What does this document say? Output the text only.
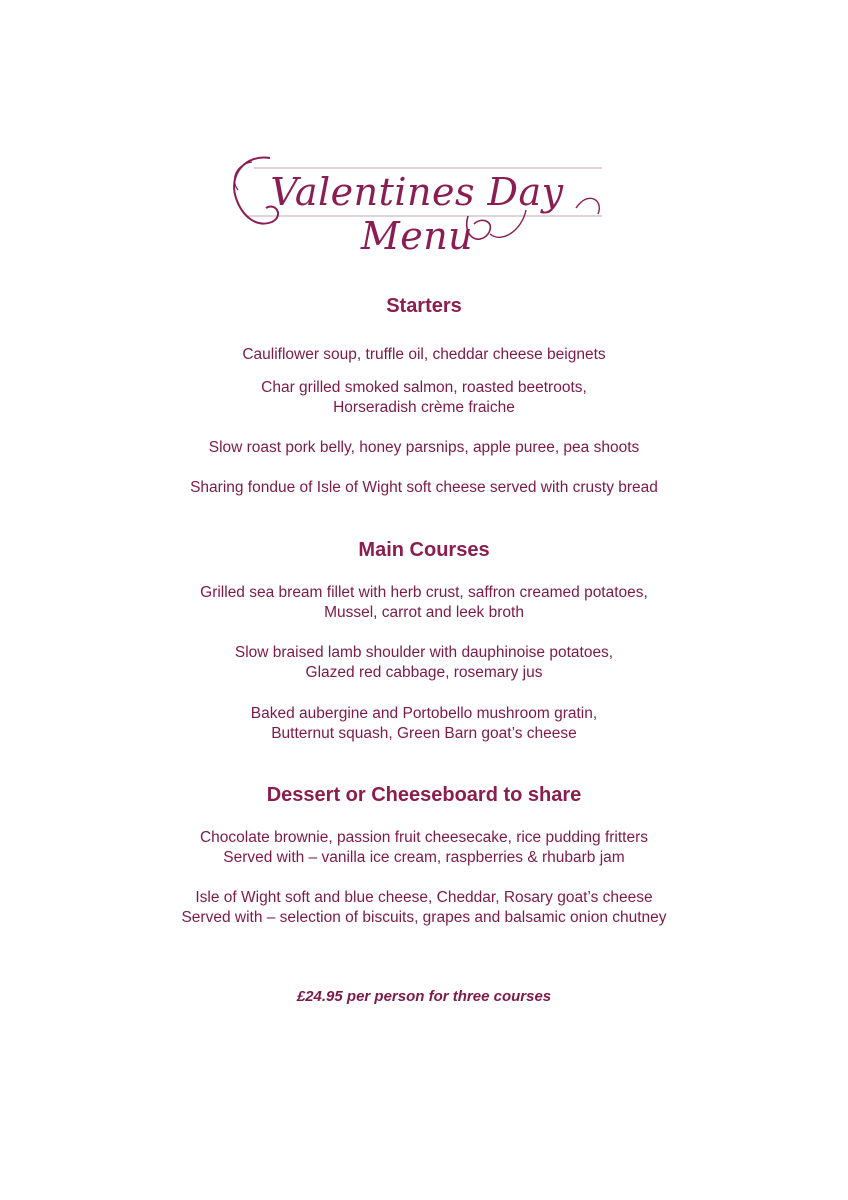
Valentines Day Menu
Starters
Cauliflower soup, truffle oil, cheddar cheese beignets
Char grilled smoked salmon, roasted beetroots,
Horseradish crème fraiche
Slow roast pork belly, honey parsnips, apple puree, pea shoots
Sharing fondue of Isle of Wight soft cheese served with crusty bread
Main Courses
Grilled sea bream fillet with herb crust, saffron creamed potatoes,
Mussel, carrot and leek broth
Slow braised lamb shoulder with dauphinoise potatoes,
Glazed red cabbage, rosemary jus
Baked aubergine and Portobello mushroom gratin,
Butternut squash, Green Barn goat’s cheese
Dessert or Cheeseboard to share
Chocolate brownie, passion fruit cheesecake, rice pudding fritters
Served with – vanilla ice cream, raspberries & rhubarb jam
Isle of Wight soft and blue cheese, Cheddar, Rosary goat’s cheese
Served with – selection of biscuits, grapes and balsamic onion chutney
£24.95 per person for three courses
